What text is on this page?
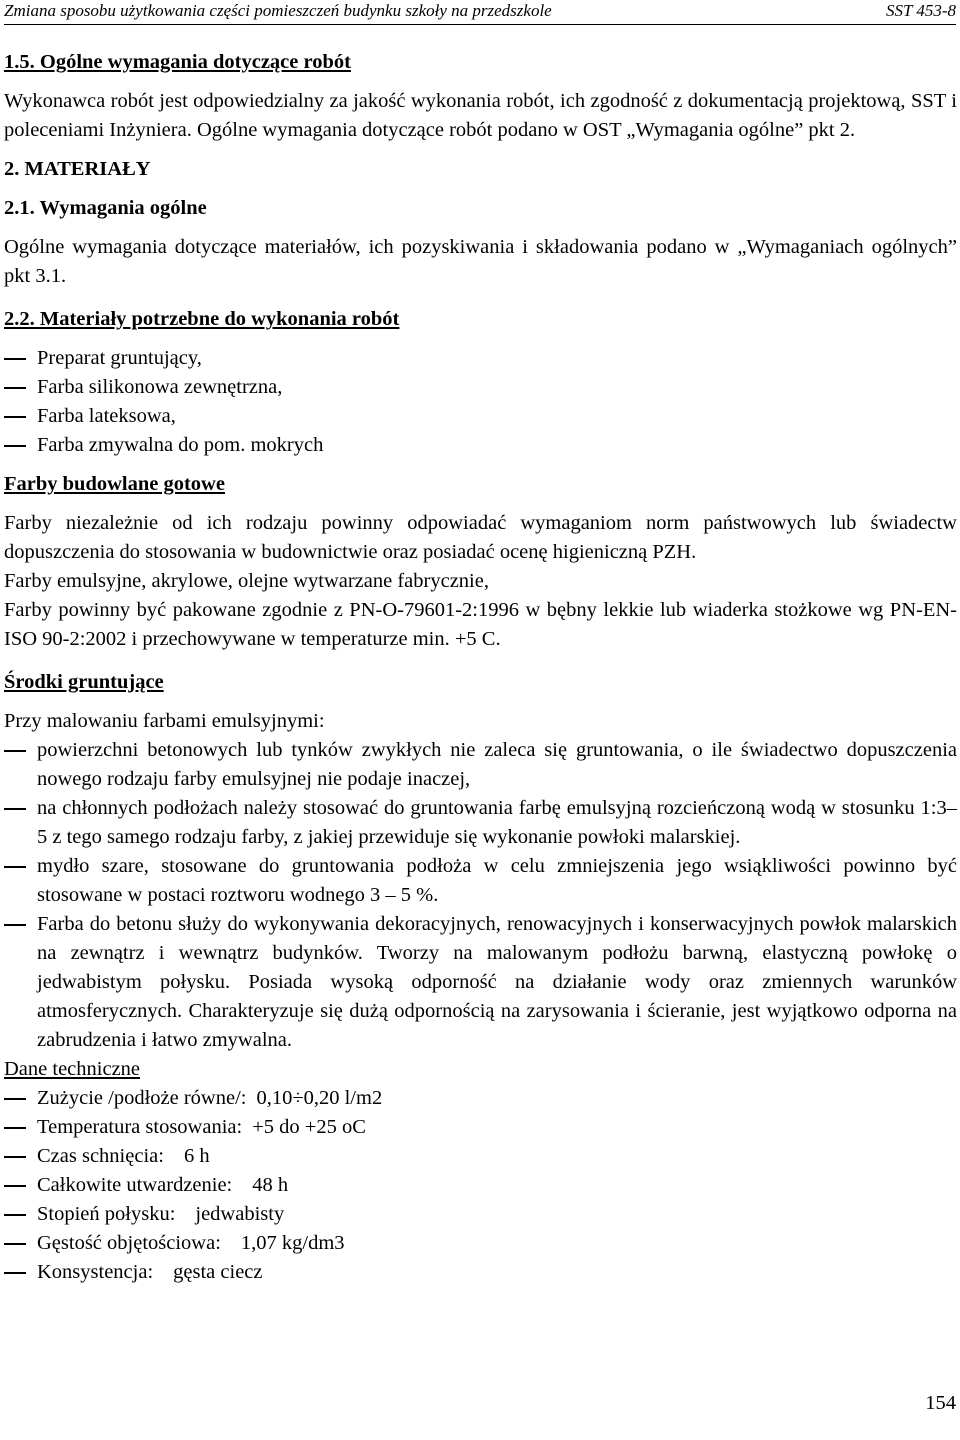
Zmiana sposobu użytkowania części pomieszczeń budynku szkoły na przedszkole	SST 453-8
1.5. Ogólne wymagania dotyczące robót

Wykonawca robót jest odpowiedzialny za jakość wykonania robót, ich zgodność z dokumentacją projektową, SST i poleceniami Inżyniera. Ogólne wymagania dotyczące robót podano w OST „Wymagania ogólne” pkt 2.

2. MATERIAŁY
2.1. Wymagania ogólne

Ogólne wymagania dotyczące materiałów, ich pozyskiwania i składowania podano w „Wymaganiach ogólnych” pkt 3.1.

2.2. Materiały potrzebne do wykonania robót
Preparat gruntujący,
Farba silikonowa zewnętrzna,
Farba lateksowa,
Farba zmywalna do pom. mokrych
Farby budowlane gotowe

Farby niezależnie od ich rodzaju powinny odpowiadać wymaganiom norm państwowych lub świadectw dopuszczenia do stosowania w budownictwie oraz posiadać ocenę higieniczną PZH.

Farby emulsyjne, akrylowe, olejne wytwarzane fabrycznie,

Farby powinny być pakowane zgodnie z PN-O-79601-2:1996 w bębny lekkie lub wiaderka stożkowe wg PN-EN-ISO 90-2:2002 i przechowywane w temperaturze min. +5 C.

Środki gruntujące

Przy malowaniu farbami emulsyjnymi:

powierzchni betonowych lub tynków zwykłych nie zaleca się gruntowania, o ile świadectwo dopuszczenia nowego rodzaju farby emulsyjnej nie podaje inaczej,
na chłonnych podłożach należy stosować do gruntowania farbę emulsyjną rozcieńczoną wodą w stosunku 1:3–5 z tego samego rodzaju farby, z jakiej przewiduje się wykonanie powłoki malarskiej.
mydło szare, stosowane do gruntowania podłoża w celu zmniejszenia jego wsiąkliwości powinno być stosowane w postaci roztworu wodnego 3 – 5 %.
Farba do betonu służy do wykonywania dekoracyjnych, renowacyjnych i konserwacyjnych powłok malarskich na zewnątrz i wewnątrz budynków. Tworzy na malowanym podłożu barwną, elastyczną powłokę o jedwabistym połysku. Posiada wysoką odporność na działanie wody oraz zmiennych warunków atmosferycznych. Charakteryzuje się dużą odpornością na zarysowania i ścieranie, jest wyjątkowo odporna na zabrudzenia i łatwo zmywalna.
Dane techniczne
Zużycie /podłoże równe/: 0,10÷0,20 l/m2
Temperatura stosowania: +5 do +25 oC
Czas schnięcia: 6 h
Całkowite utwardzenie: 48 h
Stopień połysku: jedwabisty
Gęstość objętościowa: 1,07 kg/dm3
Konsystencja: gęsta ciecz
154
